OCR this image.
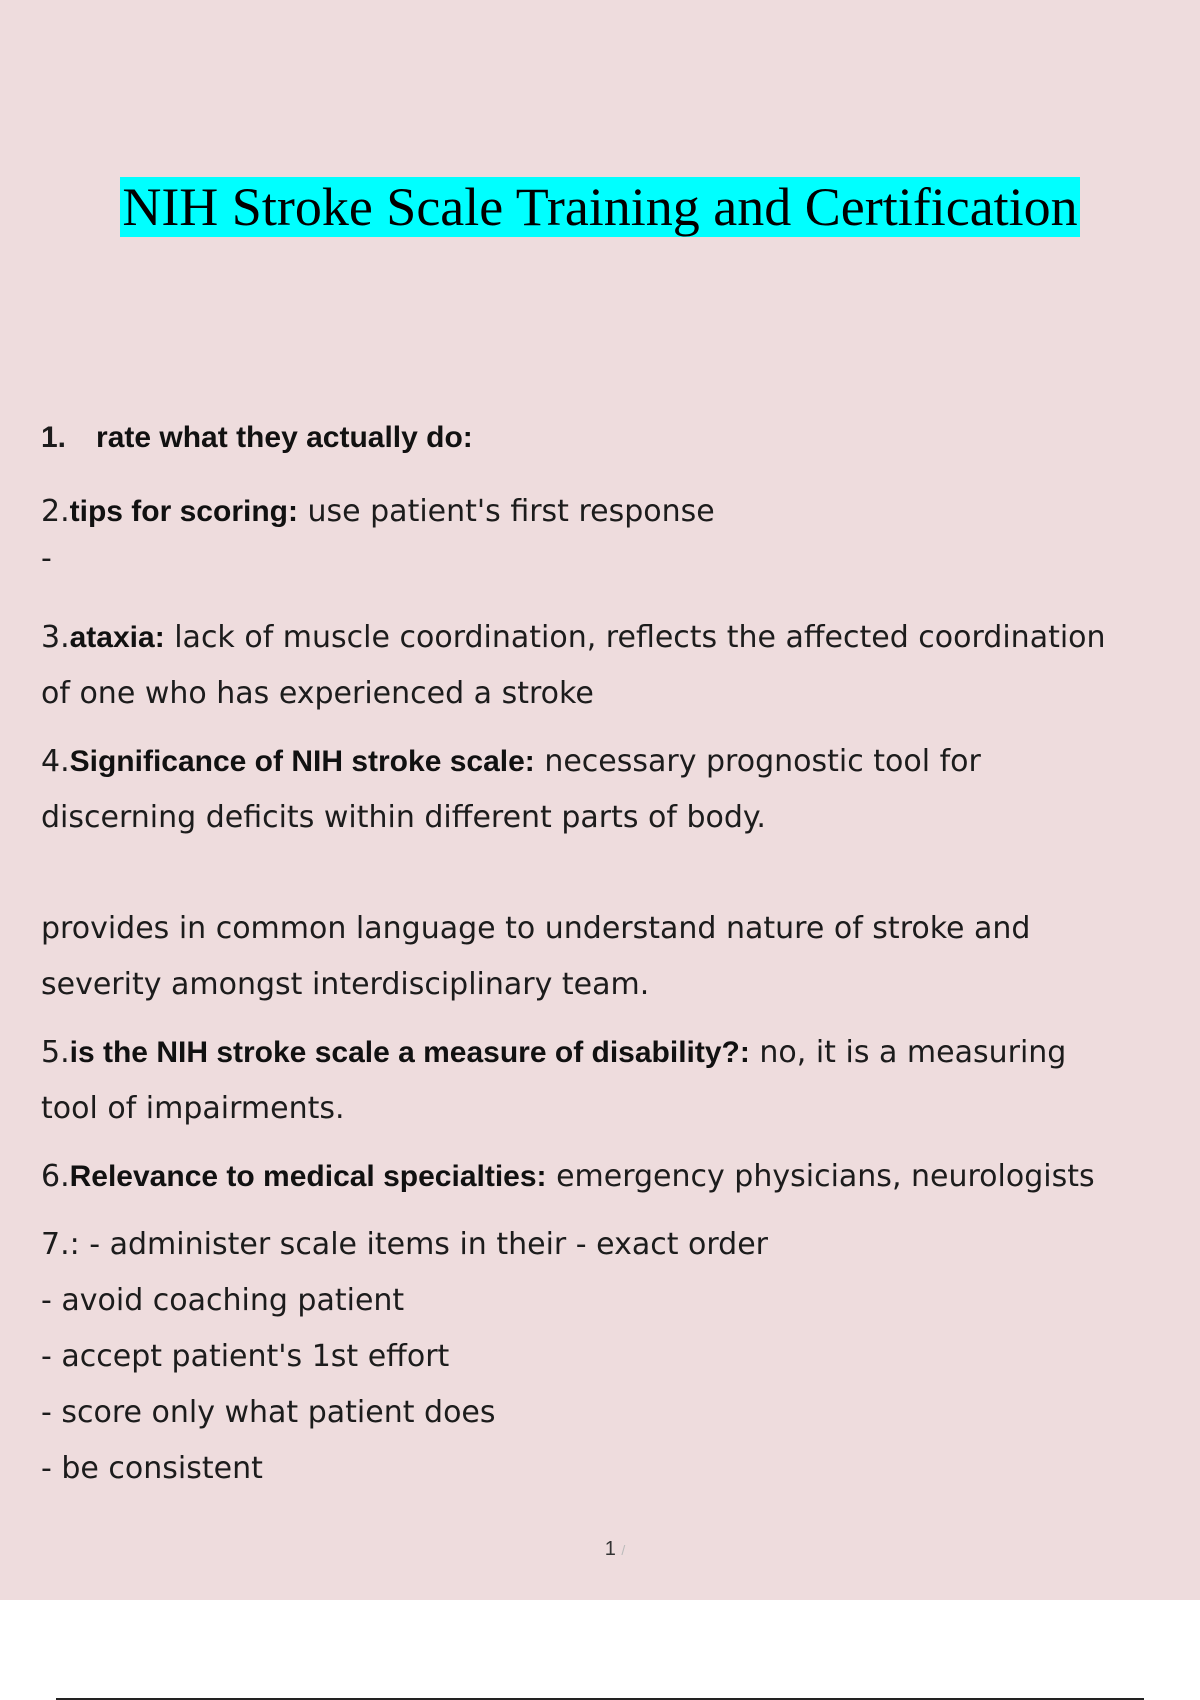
NIH Stroke Scale Training and Certification
1. rate what they actually do:
2.tips for scoring: use patient's first response
-
3.ataxia: lack of muscle coordination, reflects the affected coordination
of one who has experienced a stroke
4.Significance of NIH stroke scale: necessary prognostic tool for
discerning deficits within different parts of body.
provides in common language to understand nature of stroke and
severity amongst interdisciplinary team.
5.is the NIH stroke scale a measure of disability?: no, it is a measuring
tool of impairments.
6.Relevance to medical specialties: emergency physicians, neurologists
7.: - administer scale items in their - exact order
- avoid coaching patient
- accept patient's 1st effort
- score only what patient does
- be consistent
1 /
